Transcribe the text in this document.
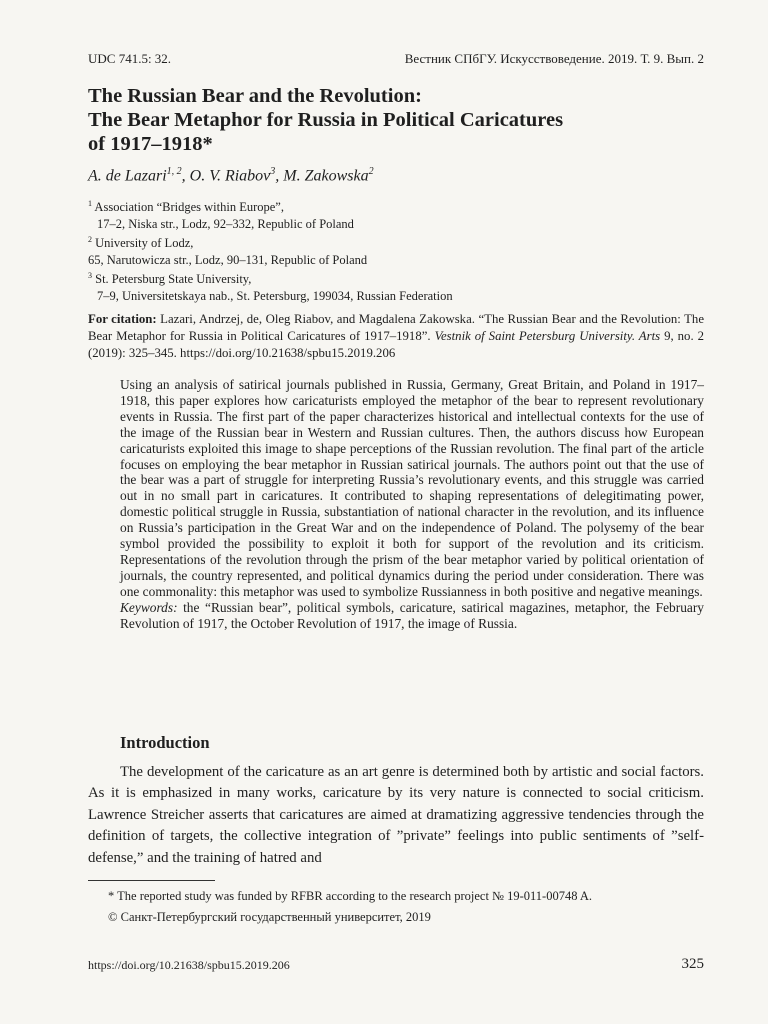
UDC 741.5: 32.	Вестник СПбГУ. Искусствоведение. 2019. Т. 9. Вып. 2
The Russian Bear and the Revolution:
The Bear Metaphor for Russia in Political Caricatures
of 1917–1918*
A. de Lazari$^{1, 2}$, O. V. Riabov$^3$, M. Zakowska$^2$
$^1$ Association “Bridges within Europe”,
17–2, Niska str., Lodz, 92–332, Republic of Poland
$^2$ University of Lodz,
65, Narutowicza str., Lodz, 90–131, Republic of Poland
$^3$ St. Petersburg State University,
7–9, Universitetskaya nab., St. Petersburg, 199034, Russian Federation
For citation: Lazari, Andrzej, de, Oleg Riabov, and Magdalena Zakowska. “The Russian Bear and the Revolution: The Bear Metaphor for Russia in Political Caricatures of 1917–1918”. Vestnik of Saint Petersburg University. Arts 9, no. 2 (2019): 325–345. https://doi.org/10.21638/spbu15.2019.206

Using an analysis of satirical journals published in Russia, Germany, Great Britain, and Poland in 1917–1918, this paper explores how caricaturists employed the metaphor of the bear to represent revolutionary events in Russia. The first part of the paper characterizes historical and intellectual contexts for the use of the image of the Russian bear in Western and Russian cultures. Then, the authors discuss how European caricaturists exploited this image to shape perceptions of the Russian revolution. The final part of the article focuses on employing the bear metaphor in Russian satirical journals. The authors point out that the use of the bear was a part of struggle for interpreting Russia’s revolutionary events, and this struggle was carried out in no small part in caricatures. It contributed to shaping representations of delegitimating power, domestic political struggle in Russia, substantiation of national character in the revolution, and its influence on Russia’s participation in the Great War and on the independence of Poland. The polysemy of the bear symbol provided the possibility to exploit it both for support of the revolution and its criticism. Representations of the revolution through the prism of the bear metaphor varied by political orientation of journals, the country represented, and political dynamics during the period under consideration. There was one commonality: this metaphor was used to symbolize Russianness in both positive and negative meanings.

Keywords: the “Russian bear”, political symbols, caricature, satirical magazines, metaphor, the February Revolution of 1917, the October Revolution of 1917, the image of Russia.

Introduction

The development of the caricature as an art genre is determined both by artistic and social factors. As it is emphasized in many works, caricature by its very nature is connected to social criticism. Lawrence Streicher asserts that caricatures are aimed at dramatizing aggressive tendencies through the definition of targets, the collective integration of ”private” feelings into public sentiments of ”self-defense,” and the training of hatred and

* The reported study was funded by RFBR according to the research project № 19-011-00748 A.
© Санкт-Петербургский государственный университет, 2019
https://doi.org/10.21638/spbu15.2019.206	325
